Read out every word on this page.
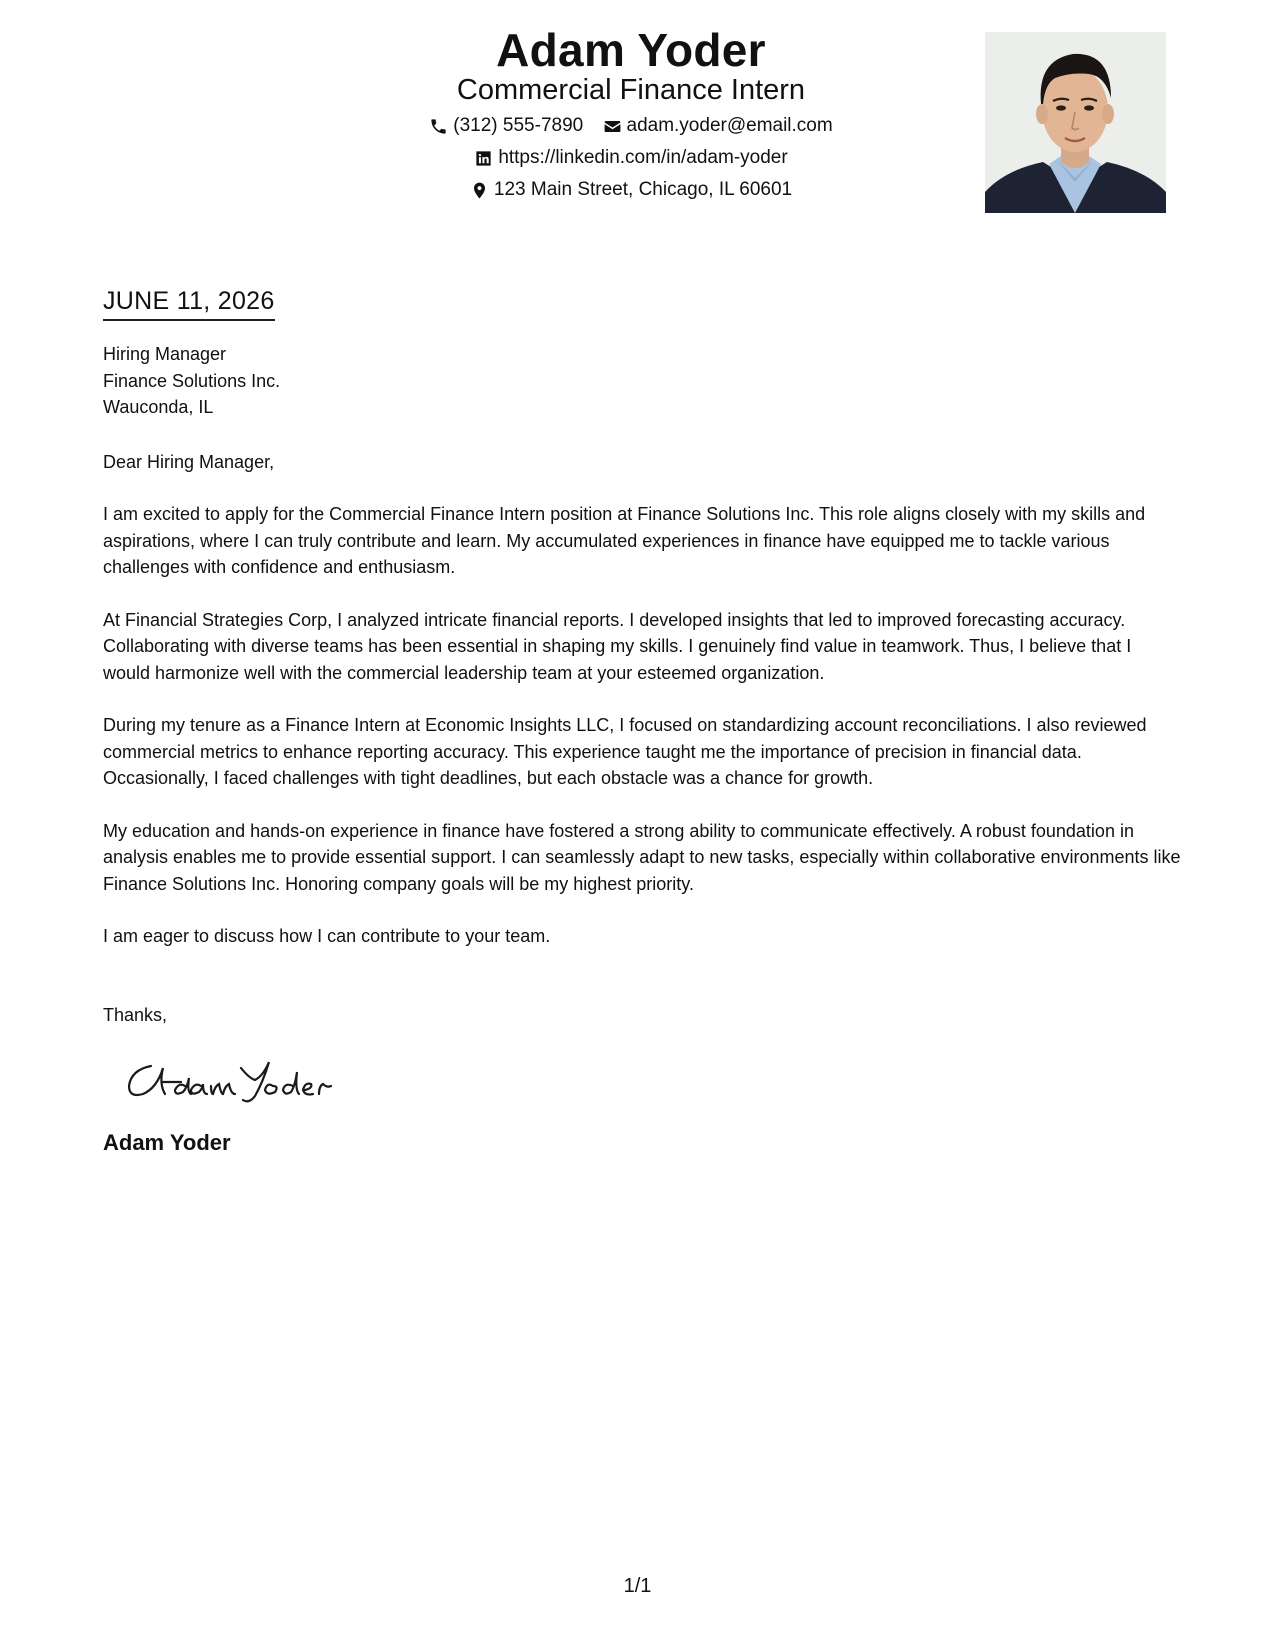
Adam Yoder
Commercial Finance Intern
(312) 555-7890
adam.yoder@email.com
https://linkedin.com/in/adam-yoder
123 Main Street, Chicago, IL 60601
JUNE 11, 2026
Hiring Manager
Finance Solutions Inc.
Wauconda, IL
Dear Hiring Manager,
I am excited to apply for the Commercial Finance Intern position at Finance Solutions Inc. This role aligns closely with my skills and aspirations, where I can truly contribute and learn. My accumulated experiences in finance have equipped me to tackle various challenges with confidence and enthusiasm.
At Financial Strategies Corp, I analyzed intricate financial reports. I developed insights that led to improved forecasting accuracy. Collaborating with diverse teams has been essential in shaping my skills. I genuinely find value in teamwork. Thus, I believe that I would harmonize well with the commercial leadership team at your esteemed organization.
During my tenure as a Finance Intern at Economic Insights LLC, I focused on standardizing account reconciliations. I also reviewed commercial metrics to enhance reporting accuracy. This experience taught me the importance of precision in financial data. Occasionally, I faced challenges with tight deadlines, but each obstacle was a chance for growth.
My education and hands-on experience in finance have fostered a strong ability to communicate effectively. A robust foundation in analysis enables me to provide essential support. I can seamlessly adapt to new tasks, especially within collaborative environments like Finance Solutions Inc. Honoring company goals will be my highest priority.
I am eager to discuss how I can contribute to your team.
Thanks,
Adam Yoder
1/1
